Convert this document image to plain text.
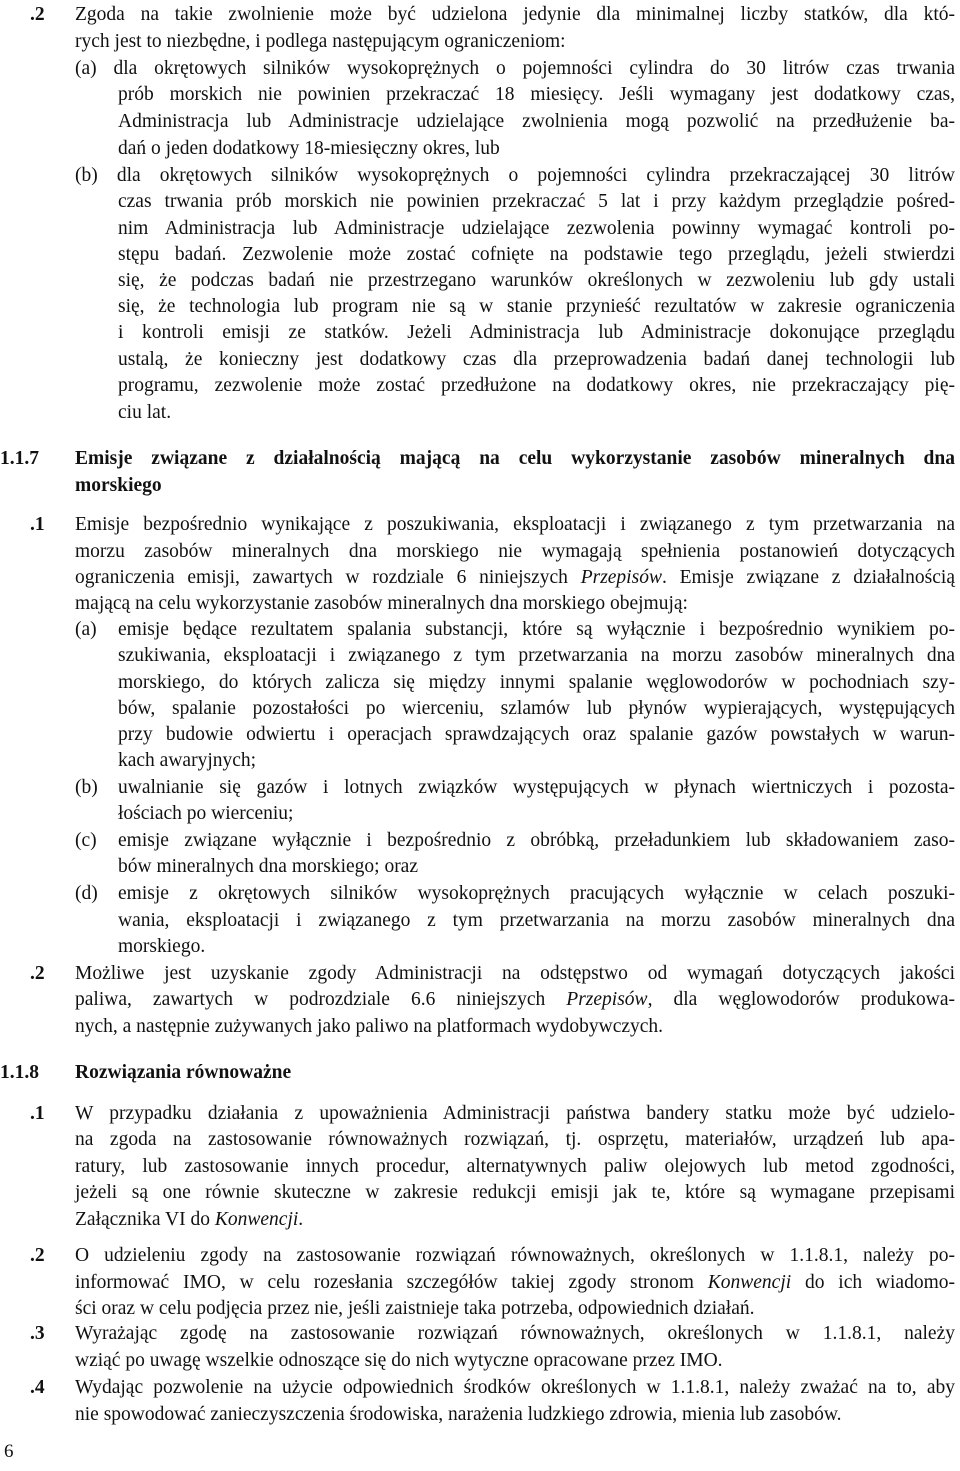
.2 Zgoda na takie zwolnienie może być udzielona jedynie dla minimalnej liczby statków, dla któ-
rych jest to niezbędne, i podlega następującym ograniczeniom:
(a) dla okrętowych silników wysokoprężnych o pojemności cylindra do 30 litrów czas trwania
prób morskich nie powinien przekraczać 18 miesięcy. Jeśli wymagany jest dodatkowy czas,
Administracja lub Administracje udzielające zwolnienia mogą pozwolić na przedłużenie ba-
dań o jeden dodatkowy 18-miesięczny okres, lub
(b) dla okrętowych silników wysokoprężnych o pojemności cylindra przekraczającej 30 litrów
czas trwania prób morskich nie powinien przekraczać 5 lat i przy każdym przeglądzie pośred-
nim Administracja lub Administracje udzielające zezwolenia powinny wymagać kontroli po-
stępu badań. Zezwolenie może zostać cofnięte na podstawie tego przeglądu, jeżeli stwierdzi
się, że podczas badań nie przestrzegano warunków określonych w zezwoleniu lub gdy ustali
się, że technologia lub program nie są w stanie przynieść rezultatów w zakresie ograniczenia
i kontroli emisji ze statków. Jeżeli Administracja lub Administracje dokonujące przeglądu
ustalą, że konieczny jest dodatkowy czas dla przeprowadzenia badań danej technologii lub
programu, zezwolenie może zostać przedłużone na dodatkowy okres, nie przekraczający pię-
ciu lat.
1.1.7 Emisje związane z działalnością mającą na celu wykorzystanie zasobów mineralnych dna
morskiego
.1 Emisje bezpośrednio wynikające z poszukiwania, eksploatacji i związanego z tym przetwarzania na
morzu zasobów mineralnych dna morskiego nie wymagają spełnienia postanowień dotyczących
ograniczenia emisji, zawartych w rozdziale 6 niniejszych Przepisów. Emisje związane z działalnością
mającą na celu wykorzystanie zasobów mineralnych dna morskiego obejmują:
(a) emisje będące rezultatem spalania substancji, które są wyłącznie i bezpośrednio wynikiem po-
szukiwania, eksploatacji i związanego z tym przetwarzania na morzu zasobów mineralnych dna
morskiego, do których zalicza się między innymi spalanie węglowodorów w pochodniach szy-
bów, spalanie pozostałości po wierceniu, szlamów lub płynów wypierających, występujących
przy budowie odwiertu i operacjach sprawdzających oraz spalanie gazów powstałych w warun-
kach awaryjnych;
(b) uwalnianie się gazów i lotnych związków występujących w płynach wiertniczych i pozosta-
łościach po wierceniu;
(c) emisje związane wyłącznie i bezpośrednio z obróbką, przeładunkiem lub składowaniem zaso-
bów mineralnych dna morskiego; oraz
(d) emisje z okrętowych silników wysokoprężnych pracujących wyłącznie w celach poszuki-
wania, eksploatacji i związanego z tym przetwarzania na morzu zasobów mineralnych dna
morskiego.
.2 Możliwe jest uzyskanie zgody Administracji na odstępstwo od wymagań dotyczących jakości
paliwa, zawartych w podrozdziale 6.6 niniejszych Przepisów, dla węglowodorów produkowa-
nych, a następnie zużywanych jako paliwo na platformach wydobywczych.
1.1.8 Rozwiązania równoważne
.1 W przypadku działania z upoważnienia Administracji państwa bandery statku może być udzielo-
na zgoda na zastosowanie równoważnych rozwiązań, tj. osprzętu, materiałów, urządzeń lub apa-
ratury, lub zastosowanie innych procedur, alternatywnych paliw olejowych lub metod zgodności,
jeżeli są one równie skuteczne w zakresie redukcji emisji jak te, które są wymagane przepisami
Załącznika VI do Konwencji.
.2 O udzieleniu zgody na zastosowanie rozwiązań równoważnych, określonych w 1.1.8.1, należy po-
informować IMO, w celu rozesłania szczegółów takiej zgody stronom Konwencji do ich wiadomo-
ści oraz w celu podjęcia przez nie, jeśli zaistnieje taka potrzeba, odpowiednich działań.
.3 Wyrażając zgodę na zastosowanie rozwiązań równoważnych, określonych w 1.1.8.1, należy
wziąć po uwagę wszelkie odnoszące się do nich wytyczne opracowane przez IMO.
.4 Wydając pozwolenie na użycie odpowiednich środków określonych w 1.1.8.1, należy zważać na to, aby
nie spowodować zanieczyszczenia środowiska, narażenia ludzkiego zdrowia, mienia lub zasobów.
6
